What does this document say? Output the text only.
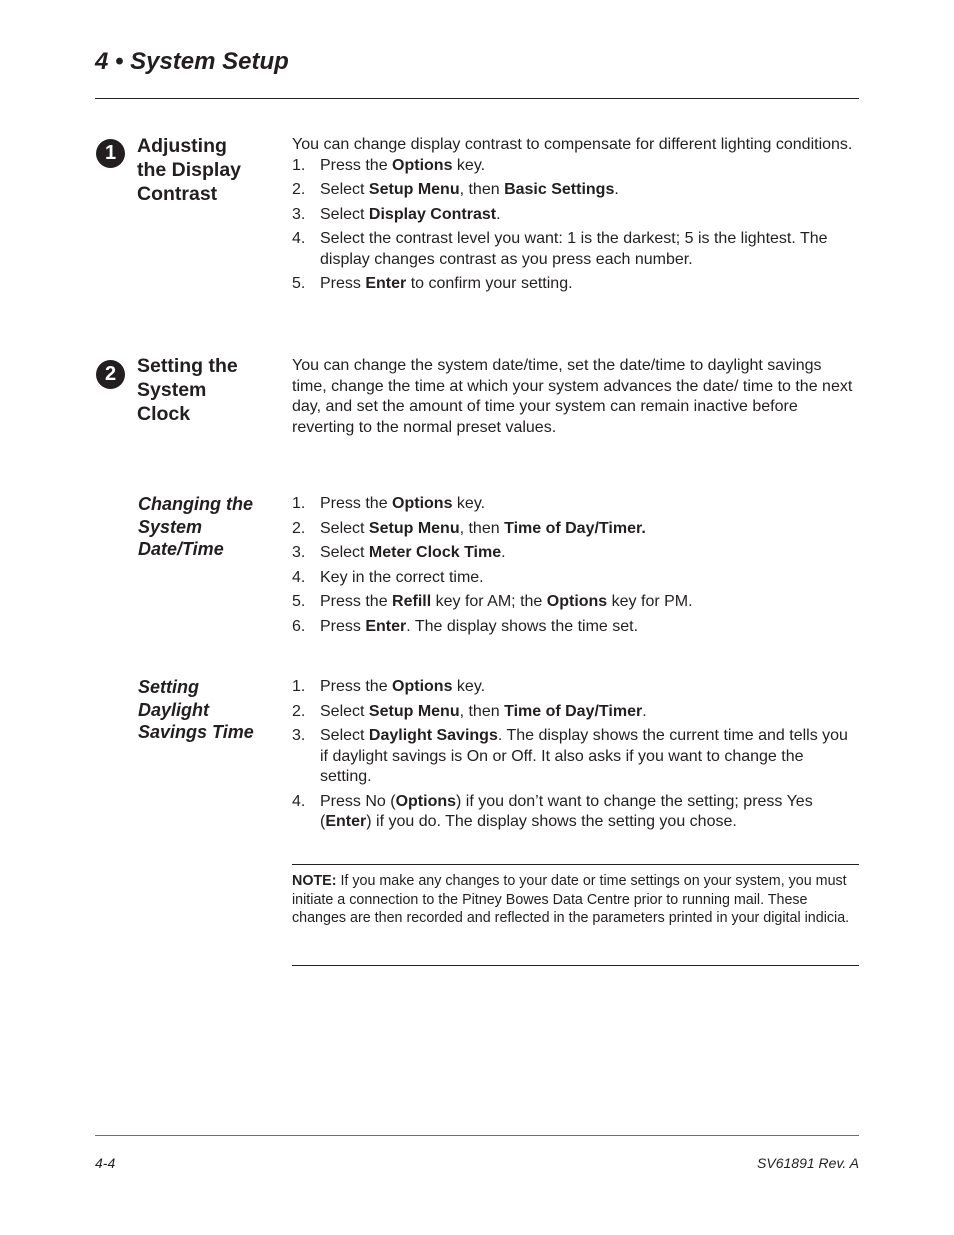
4 • System Setup
1	Adjusting
the Display
Contrast

You can change display contrast to compensate for different lighting conditions.

1. Press the Options key.
2. Select Setup Menu, then Basic Settings.
3. Select Display Contrast.
4. Select the contrast level you want: 1 is the darkest; 5 is the lightest. The display changes contrast as you press each number.
5. Press Enter to confirm your setting.
2	Setting the
System
Clock

You can change the system date/time, set the date/time to daylight savings time, change the time at which your system advances the date/ time to the next day, and set the amount of time your system can remain inactive before reverting to the normal preset values.

Changing the
System
Date/Time
1. Press the Options key.
2. Select Setup Menu, then Time of Day/Timer.
3. Select Meter Clock Time.
4. Key in the correct time.
5. Press the Refill key for AM; the Options key for PM.
6. Press Enter. The display shows the time set.
Setting
Daylight
Savings Time
1. Press the Options key.
2. Select Setup Menu, then Time of Day/Timer.
3. Select Daylight Savings. The display shows the current time and tells you if daylight savings is On or Off. It also asks if you want to change the setting.
4. Press No (Options) if you don’t want to change the setting; press Yes (Enter) if you do. The display shows the setting you chose.
NOTE: If you make any changes to your date or time settings on your system, you must initiate a connection to the Pitney Bowes Data Centre prior to running mail. These changes are then recorded and reflected in the parameters printed in your digital indicia.
4-4	SV61891 Rev. A
